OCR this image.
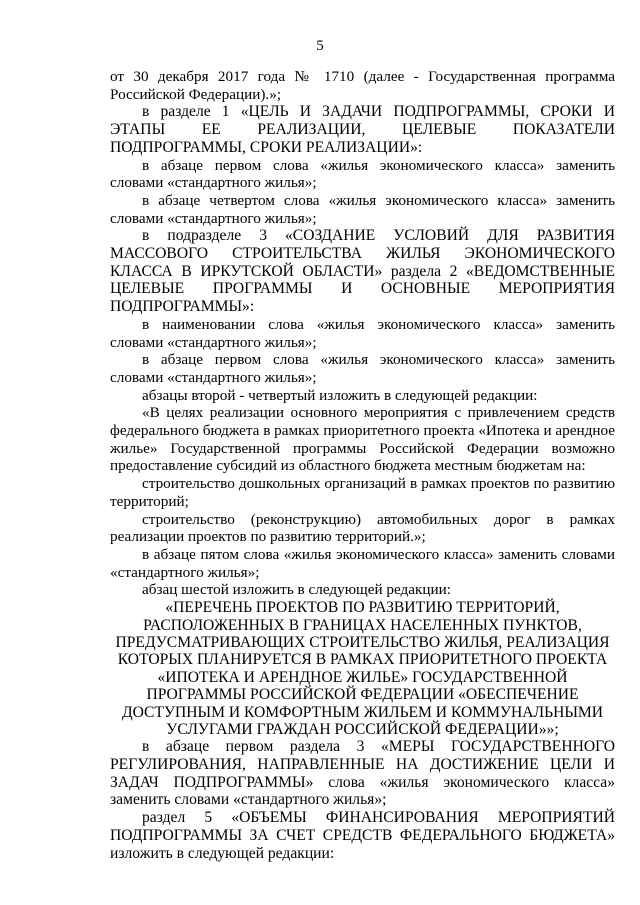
5

от 30 декабря 2017 года № 1710 (далее - Государственная программа Российской Федерации).»;

в разделе 1 «ЦЕЛЬ И ЗАДАЧИ ПОДПРОГРАММЫ, СРОКИ И ЭТАПЫ ЕЕ РЕАЛИЗАЦИИ, ЦЕЛЕВЫЕ ПОКАЗАТЕЛИ ПОДПРОГРАММЫ, СРОКИ РЕАЛИЗАЦИИ»:

в абзаце первом слова «жилья экономического класса» заменить словами «стандартного жилья»;

в абзаце четвертом слова «жилья экономического класса» заменить словами «стандартного жилья»;

в подразделе 3 «СОЗДАНИЕ УСЛОВИЙ ДЛЯ РАЗВИТИЯ МАССОВОГО СТРОИТЕЛЬСТВА ЖИЛЬЯ ЭКОНОМИЧЕСКОГО КЛАССА В ИРКУТСКОЙ ОБЛАСТИ» раздела 2 «ВЕДОМСТВЕННЫЕ ЦЕЛЕВЫЕ ПРОГРАММЫ И ОСНОВНЫЕ МЕРОПРИЯТИЯ ПОДПРОГРАММЫ»:

в наименовании слова «жилья экономического класса» заменить словами «стандартного жилья»;

в абзаце первом слова «жилья экономического класса» заменить словами «стандартного жилья»;

абзацы второй - четвертый изложить в следующей редакции:

«В целях реализации основного мероприятия с привлечением средств федерального бюджета в рамках приоритетного проекта «Ипотека и арендное жилье» Государственной программы Российской Федерации возможно предоставление субсидий из областного бюджета местным бюджетам на:

строительство дошкольных организаций в рамках проектов по развитию территорий;

строительство (реконструкцию) автомобильных дорог в рамках реализации проектов по развитию территорий.»;

в абзаце пятом слова «жилья экономического класса» заменить словами «стандартного жилья»;

абзац шестой изложить в следующей редакции:

«ПЕРЕЧЕНЬ ПРОЕКТОВ ПО РАЗВИТИЮ ТЕРРИТОРИЙ, РАСПОЛОЖЕННЫХ В ГРАНИЦАХ НАСЕЛЕННЫХ ПУНКТОВ, ПРЕДУСМАТРИВАЮЩИХ СТРОИТЕЛЬСТВО ЖИЛЬЯ, РЕАЛИЗАЦИЯ КОТОРЫХ ПЛАНИРУЕТСЯ В РАМКАХ ПРИОРИТЕТНОГО ПРОЕКТА «ИПОТЕКА И АРЕНДНОЕ ЖИЛЬЕ» ГОСУДАРСТВЕННОЙ ПРОГРАММЫ РОССИЙСКОЙ ФЕДЕРАЦИИ «ОБЕСПЕЧЕНИЕ ДОСТУПНЫМ И КОМФОРТНЫМ ЖИЛЬЕМ И КОММУНАЛЬНЫМИ УСЛУГАМИ ГРАЖДАН РОССИЙСКОЙ ФЕДЕРАЦИИ»»;

в абзаце первом раздела 3 «МЕРЫ ГОСУДАРСТВЕННОГО РЕГУЛИРОВАНИЯ, НАПРАВЛЕННЫЕ НА ДОСТИЖЕНИЕ ЦЕЛИ И ЗАДАЧ ПОДПРОГРАММЫ» слова «жилья экономического класса» заменить словами «стандартного жилья»;

раздел 5 «ОБЪЕМЫ ФИНАНСИРОВАНИЯ МЕРОПРИЯТИЙ ПОДПРОГРАММЫ ЗА СЧЕТ СРЕДСТВ ФЕДЕРАЛЬНОГО БЮДЖЕТА» изложить в следующей редакции:
